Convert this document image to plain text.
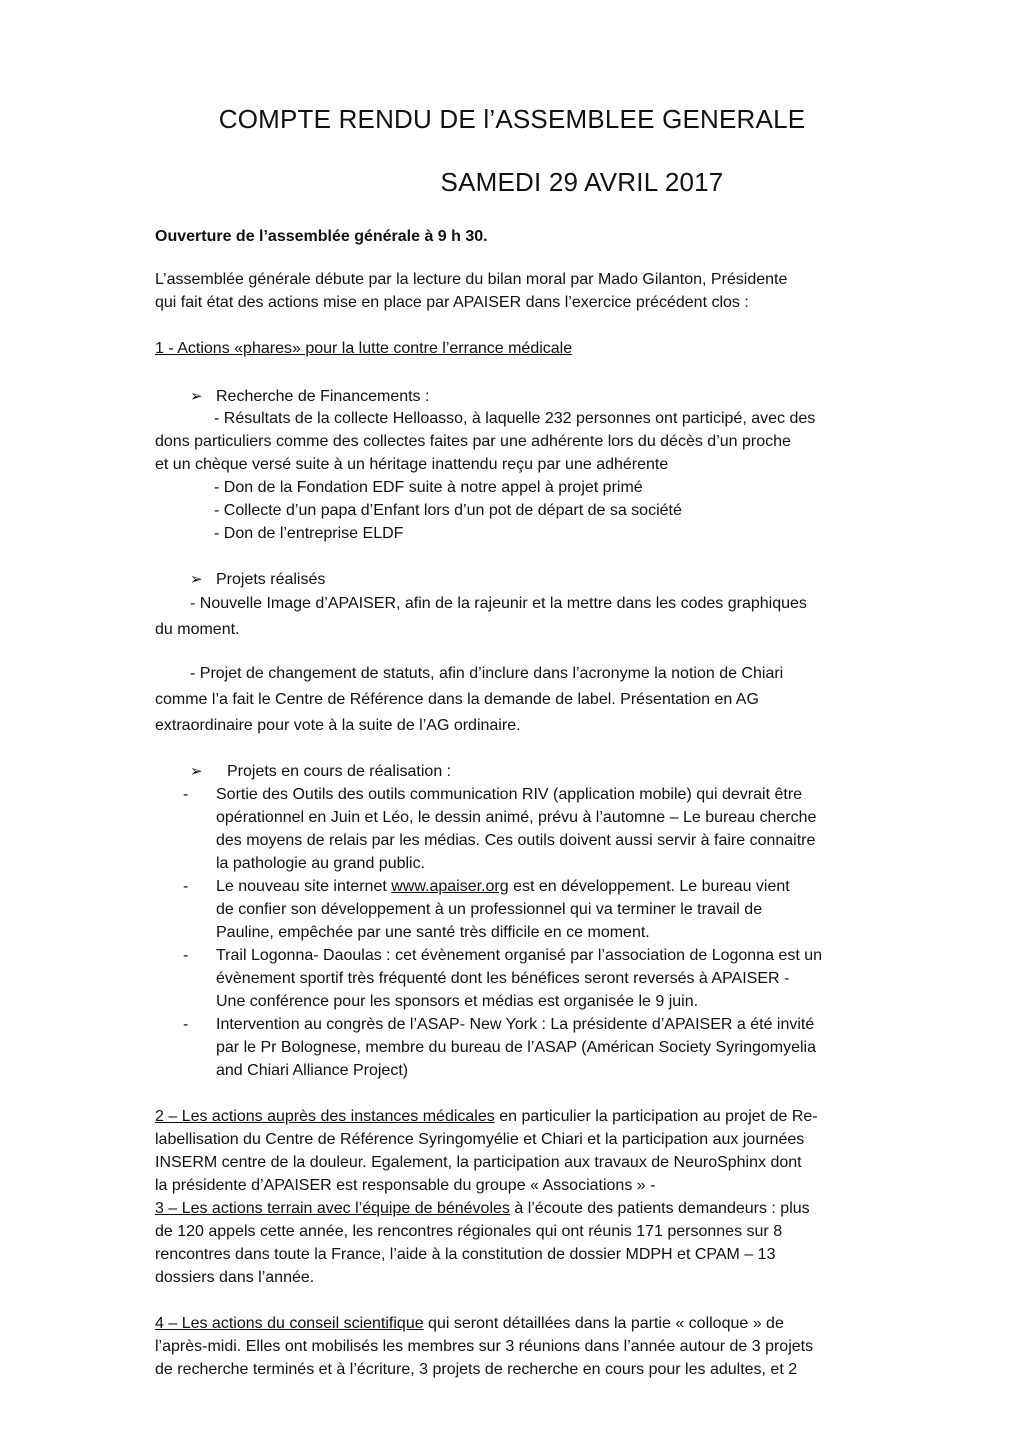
COMPTE RENDU DE l’ASSEMBLEE GENERALE
SAMEDI 29 AVRIL 2017
Ouverture de l’assemblée générale à 9 h 30.
L’assemblée générale débute par la lecture du bilan moral par Mado Gilanton, Présidente
qui fait état des actions mise en place par APAISER dans l’exercice précédent clos :
1 - Actions «phares» pour la lutte contre l’errance médicale
➢ Recherche de Financements :
- Résultats de la collecte Helloasso, à laquelle 232 personnes ont participé, avec des
dons particuliers comme des collectes faites par une adhérente lors du décès d’un proche
et un chèque versé suite à un héritage inattendu reçu par une adhérente
- Don de la Fondation EDF suite à notre appel à projet primé
- Collecte d’un papa d’Enfant lors d’un pot de départ de sa société
- Don de l’entreprise ELDF
➢ Projets réalisés
- Nouvelle Image d’APAISER, afin de la rajeunir et la mettre dans les codes graphiques
du moment.
- Projet de changement de statuts, afin d’inclure dans l’acronyme la notion de Chiari
comme l’a fait le Centre de Référence dans la demande de label. Présentation en AG
extraordinaire pour vote à la suite de l’AG ordinaire.
➢ Projets en cours de réalisation :
- Sortie des Outils des outils communication RIV (application mobile) qui devrait être
opérationnel en Juin et Léo, le dessin animé, prévu à l’automne – Le bureau cherche
des moyens de relais par les médias. Ces outils doivent aussi servir à faire connaitre
la pathologie au grand public.
- Le nouveau site internet www.apaiser.org est en développement. Le bureau vient
de confier son développement à un professionnel qui va terminer le travail de
Pauline, empêchée par une santé très difficile en ce moment.
- Trail Logonna- Daoulas : cet évènement organisé par l’association de Logonna est un
évènement sportif très fréquenté dont les bénéfices seront reversés à APAISER -
Une conférence pour les sponsors et médias est organisée le 9 juin.
- Intervention au congrès de l’ASAP- New York : La présidente d’APAISER a été invité
par le Pr Bolognese, membre du bureau de l’ASAP (Américan Society Syringomyelia
and Chiari Alliance Project)
2 – Les actions auprès des instances médicales en particulier la participation au projet de Re-
labellisation du Centre de Référence Syringomyélie et Chiari et la participation aux journées
INSERM centre de la douleur. Egalement, la participation aux travaux de NeuroSphinx dont
la présidente d’APAISER est responsable du groupe « Associations » -
3 – Les actions terrain avec l’équipe de bénévoles à l’écoute des patients demandeurs : plus
de 120 appels cette année, les rencontres régionales qui ont réunis 171 personnes sur 8
rencontres dans toute la France, l’aide à la constitution de dossier MDPH et CPAM – 13
dossiers dans l’année.
4 – Les actions du conseil scientifique qui seront détaillées dans la partie « colloque » de
l’après-midi. Elles ont mobilisés les membres sur 3 réunions dans l’année autour de 3 projets
de recherche terminés et à l’écriture, 3 projets de recherche en cours pour les adultes, et 2
